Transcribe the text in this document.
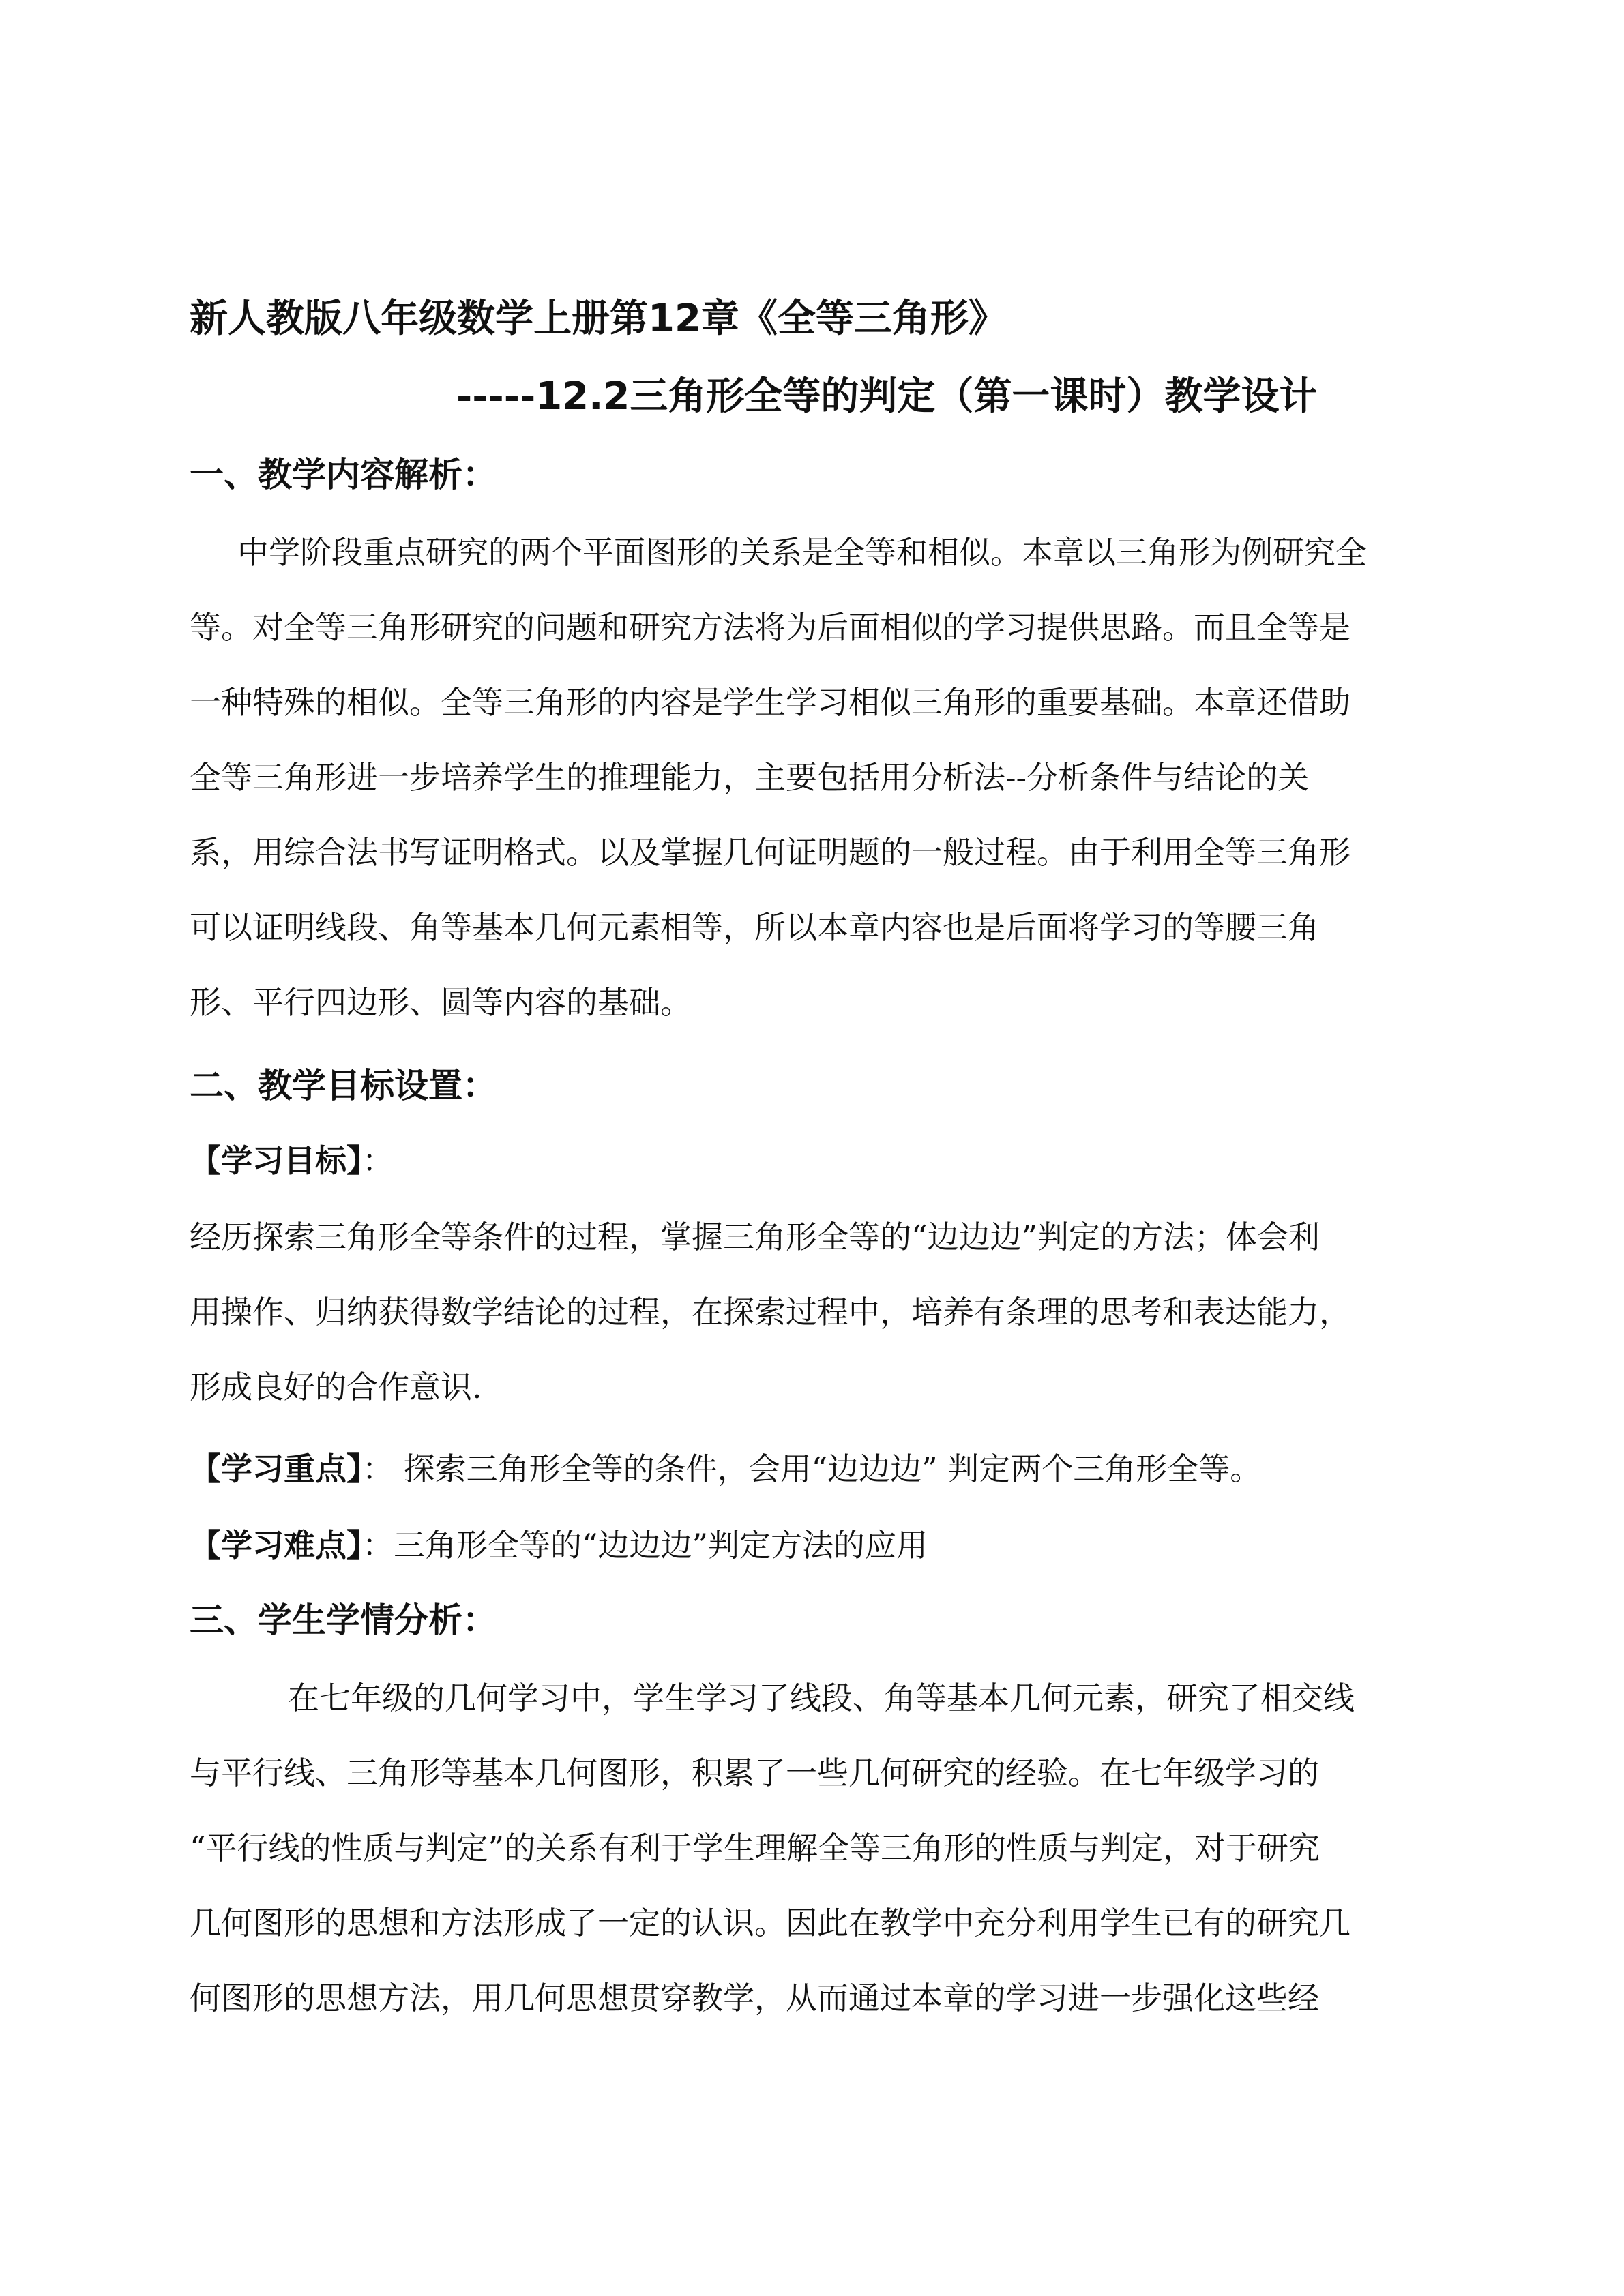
新人教版八年级数学上册第12章《全等三角形》
-----12.2三角形全等的判定（第一课时）教学设计
一、教学内容解析：
中学阶段重点研究的两个平面图形的关系是全等和相似。本章以三角形为例研究全
等。对全等三角形研究的问题和研究方法将为后面相似的学习提供思路。而且全等是
一种特殊的相似。全等三角形的内容是学生学习相似三角形的重要基础。本章还借助
全等三角形进一步培养学生的推理能力，主要包括用分析法--分析条件与结论的关
系，用综合法书写证明格式。以及掌握几何证明题的一般过程。由于利用全等三角形
可以证明线段、角等基本几何元素相等，所以本章内容也是后面将学习的等腰三角
形、平行四边形、圆等内容的基础。
二、教学目标设置：
【学习目标】：
经历探索三角形全等条件的过程，掌握三角形全等的“边边边”判定的方法；体会利
用操作、归纳获得数学结论的过程，在探索过程中，培养有条理的思考和表达能力，
形成良好的合作意识.
【学习重点】： 探索三角形全等的条件，会用“边边边” 判定两个三角形全等。
【学习难点】：三角形全等的“边边边”判定方法的应用
三、学生学情分析：
在七年级的几何学习中，学生学习了线段、角等基本几何元素，研究了相交线
与平行线、三角形等基本几何图形，积累了一些几何研究的经验。在七年级学习的
“平行线的性质与判定”的关系有利于学生理解全等三角形的性质与判定，对于研究
几何图形的思想和方法形成了一定的认识。因此在教学中充分利用学生已有的研究几
何图形的思想方法，用几何思想贯穿教学，从而通过本章的学习进一步强化这些经
